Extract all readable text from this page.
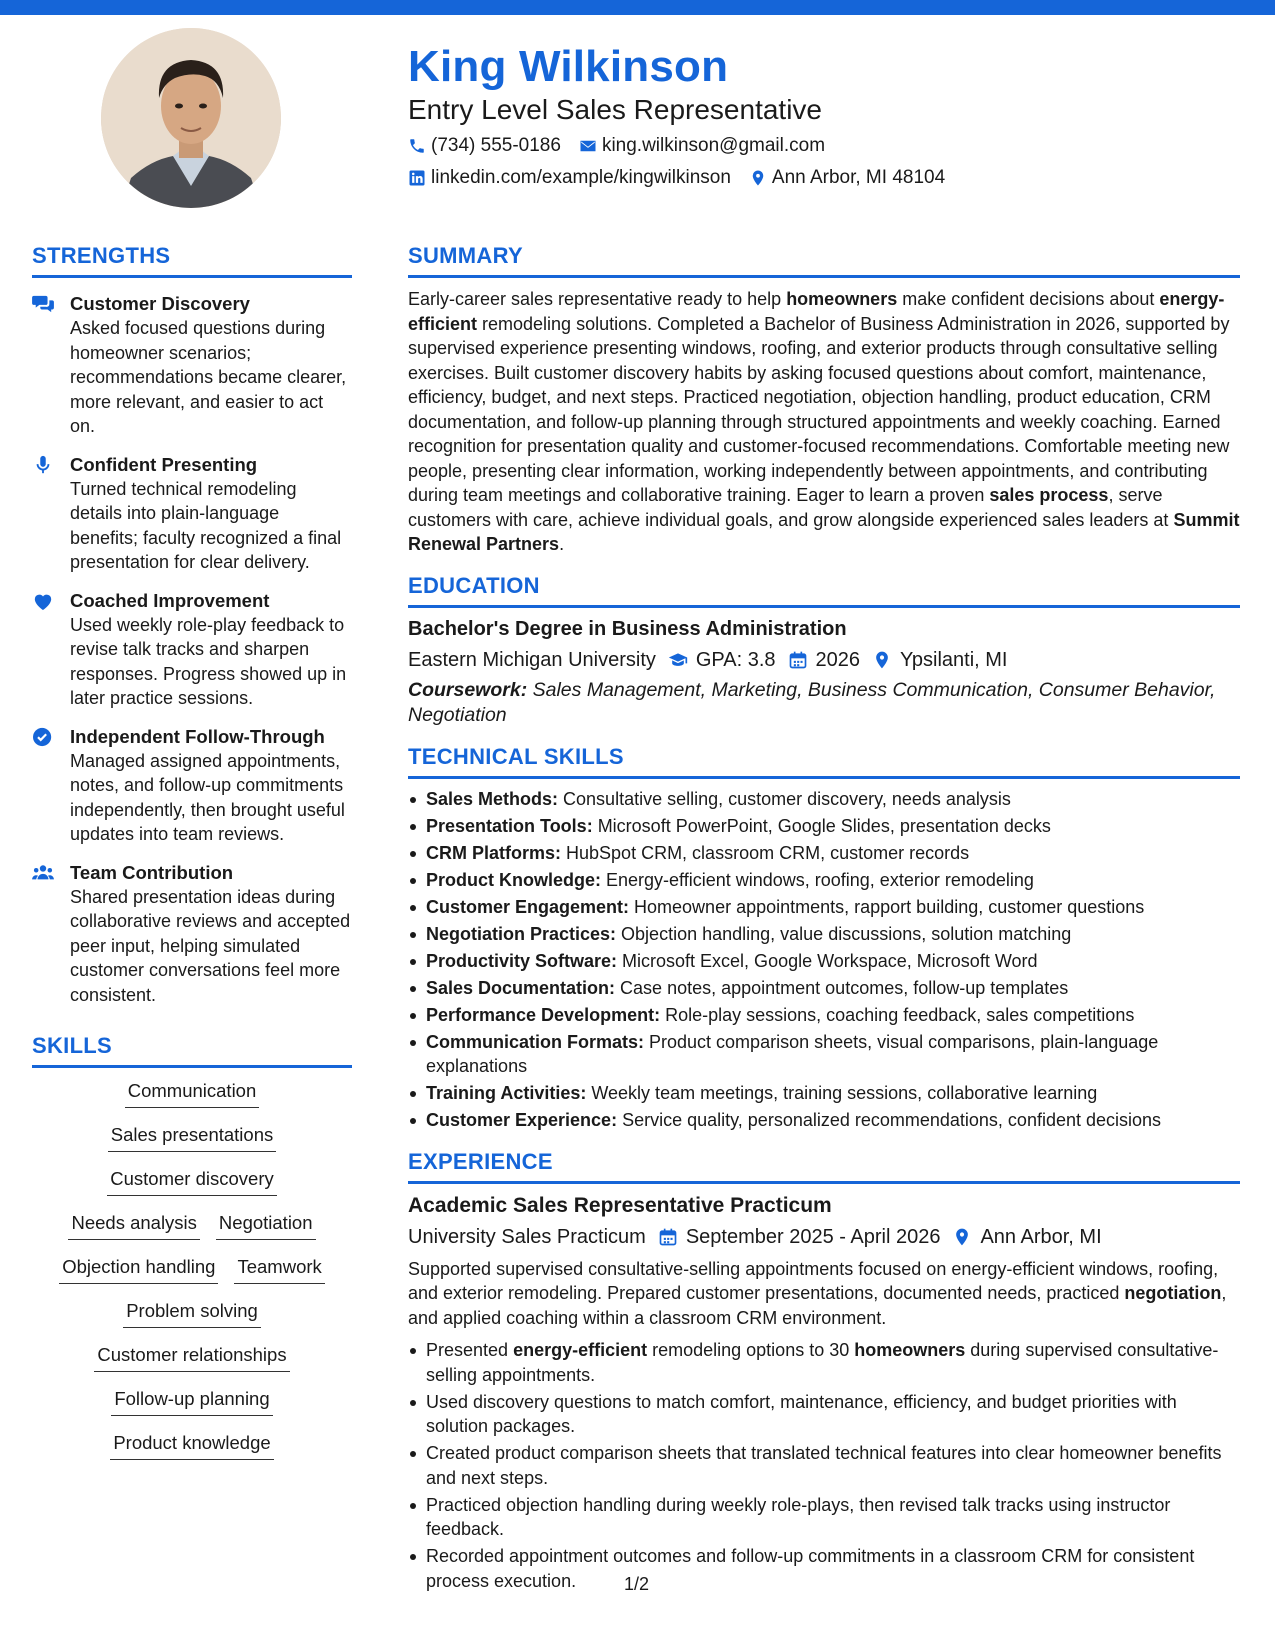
King Wilkinson
Entry Level Sales Representative
(734) 555-0186 king.wilkinson@gmail.com
linkedin.com/example/kingwilkinson Ann Arbor, MI 48104
STRENGTHS
Customer Discovery
Asked focused questions during homeowner scenarios; recommendations became clearer, more relevant, and easier to act on.
Confident Presenting
Turned technical remodeling details into plain-language benefits; faculty recognized a final presentation for clear delivery.
Coached Improvement
Used weekly role-play feedback to revise talk tracks and sharpen responses. Progress showed up in later practice sessions.
Independent Follow-Through
Managed assigned appointments, notes, and follow-up commitments independently, then brought useful updates into team reviews.
Team Contribution
Shared presentation ideas during collaborative reviews and accepted peer input, helping simulated customer conversations feel more consistent.
SKILLS
Communication
Sales presentations
Customer discovery
Needs analysis Negotiation
Objection handling Teamwork
Problem solving
Customer relationships
Follow-up planning
Product knowledge
SUMMARY
Early-career sales representative ready to help homeowners make confident decisions about energy-efficient remodeling solutions. Completed a Bachelor of Business Administration in 2026, supported by supervised experience presenting windows, roofing, and exterior products through consultative selling exercises. Built customer discovery habits by asking focused questions about comfort, maintenance, efficiency, budget, and next steps. Practiced negotiation, objection handling, product education, CRM documentation, and follow-up planning through structured appointments and weekly coaching. Earned recognition for presentation quality and customer-focused recommendations. Comfortable meeting new people, presenting clear information, working independently between appointments, and contributing during team meetings and collaborative training. Eager to learn a proven sales process, serve customers with care, achieve individual goals, and grow alongside experienced sales leaders at Summit Renewal Partners.
EDUCATION
Bachelor's Degree in Business Administration
Eastern Michigan University GPA: 3.8 2026 Ypsilanti, MI
Coursework: Sales Management, Marketing, Business Communication, Consumer Behavior, Negotiation
TECHNICAL SKILLS
Sales Methods: Consultative selling, customer discovery, needs analysis
Presentation Tools: Microsoft PowerPoint, Google Slides, presentation decks
CRM Platforms: HubSpot CRM, classroom CRM, customer records
Product Knowledge: Energy-efficient windows, roofing, exterior remodeling
Customer Engagement: Homeowner appointments, rapport building, customer questions
Negotiation Practices: Objection handling, value discussions, solution matching
Productivity Software: Microsoft Excel, Google Workspace, Microsoft Word
Sales Documentation: Case notes, appointment outcomes, follow-up templates
Performance Development: Role-play sessions, coaching feedback, sales competitions
Communication Formats: Product comparison sheets, visual comparisons, plain-language explanations
Training Activities: Weekly team meetings, training sessions, collaborative learning
Customer Experience: Service quality, personalized recommendations, confident decisions
EXPERIENCE
Academic Sales Representative Practicum
University Sales Practicum September 2025 - April 2026 Ann Arbor, MI
Supported supervised consultative-selling appointments focused on energy-efficient windows, roofing, and exterior remodeling. Prepared customer presentations, documented needs, practiced negotiation, and applied coaching within a classroom CRM environment.
Presented energy-efficient remodeling options to 30 homeowners during supervised consultative-selling appointments.
Used discovery questions to match comfort, maintenance, efficiency, and budget priorities with solution packages.
Created product comparison sheets that translated technical features into clear homeowner benefits and next steps.
Practiced objection handling during weekly role-plays, then revised talk tracks using instructor feedback.
Recorded appointment outcomes and follow-up commitments in a classroom CRM for consistent process execution.	1/2
